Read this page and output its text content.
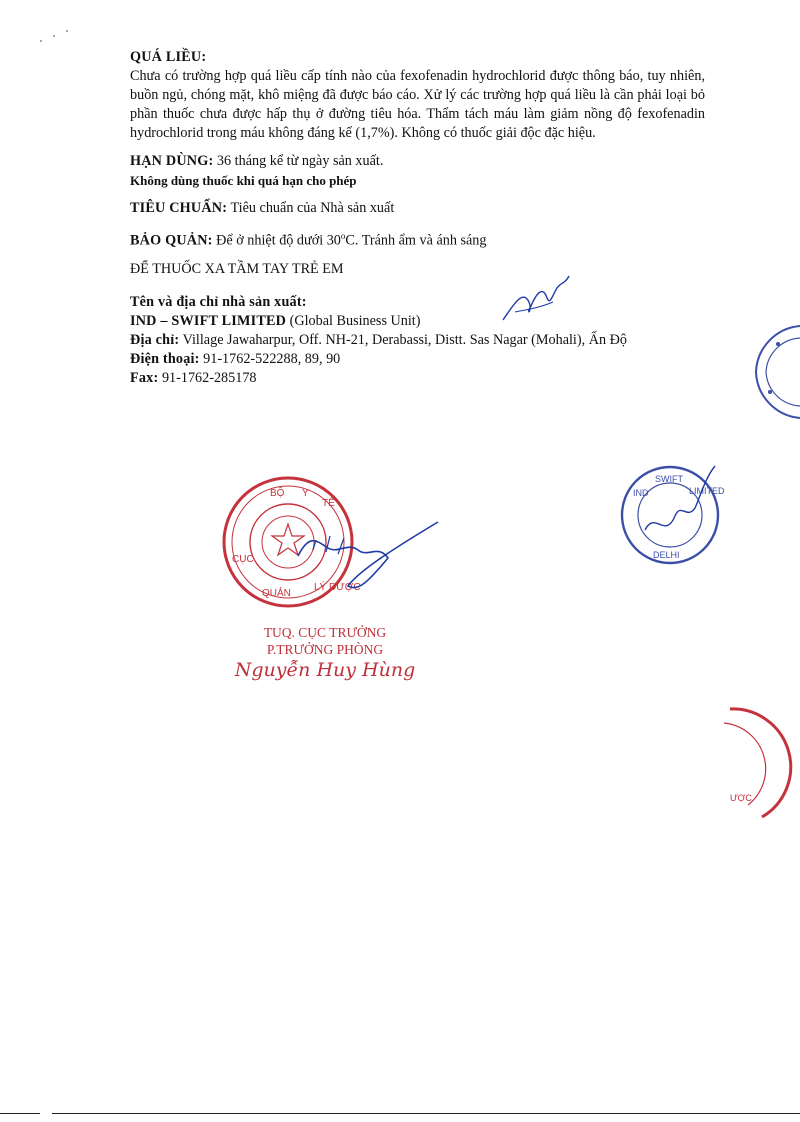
QUÁ LIỀU:

Chưa có trường hợp quá liều cấp tính nào của fexofenadin hydrochlorid được thông báo, tuy nhiên, buồn ngủ, chóng mặt, khô miệng đã được báo cáo. Xử lý các trường hợp quá liều là cần phải loại bỏ phần thuốc chưa được hấp thụ ở đường tiêu hóa. Thẩm tách máu làm giảm nồng độ fexofenadin hydrochlorid trong máu không đáng kể (1,7%). Không có thuốc giải độc đặc hiệu.

HẠN DÙNG: 36 tháng kể từ ngày sản xuất.

Không dùng thuốc khi quá hạn cho phép

TIÊU CHUẨN: Tiêu chuẩn của Nhà sản xuất

BẢO QUẢN: Để ở nhiệt độ dưới 30$^o$C. Tránh ẩm và ánh sáng

ĐỂ THUỐC XA TẦM TAY TRẺ EM

Tên và địa chỉ nhà sản xuất:

IND – SWIFT LIMITED (Global Business Unit)

Địa chỉ: Village Jawaharpur, Off. NH-21, Derabassi, Distt. Sas Nagar (Mohali), Ấn Độ

Điện thoại: 91-1762-522288, 89, 90

Fax: 91-1762-285178

BỘ Y
TẾ
CỤC
QUẢN
LÝ DƯỢC
IND
SWIFT
LIMITED
DELHI
TUQ. CỤC TRƯỞNG
P.TRƯỞNG PHÒNG
Nguyễn Huy Hùng
ƯỢC
